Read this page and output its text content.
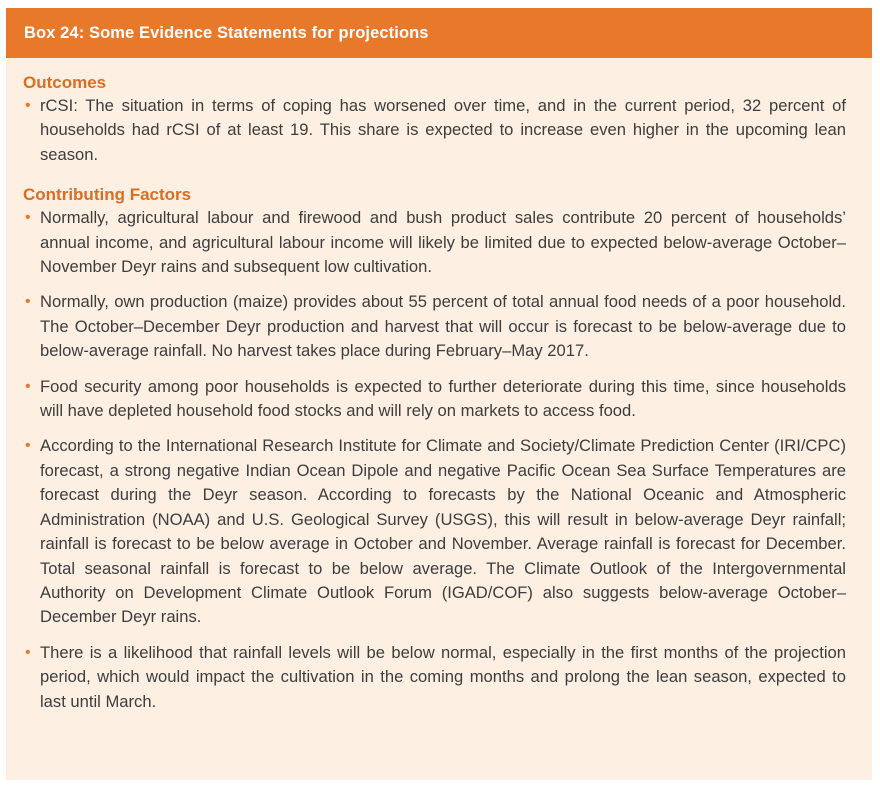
Box 24: Some Evidence Statements for projections
Outcomes
• rCSI: The situation in terms of coping has worsened over time, and in the current period, 32 percent of households had rCSI of at least 19. This share is expected to increase even higher in the upcoming lean season.
Contributing Factors
• Normally, agricultural labour and firewood and bush product sales contribute 20 percent of households’ annual income, and agricultural labour income will likely be limited due to expected below-average October–November Deyr rains and subsequent low cultivation.
• Normally, own production (maize) provides about 55 percent of total annual food needs of a poor household. The October–December Deyr production and harvest that will occur is forecast to be below-average due to below-average rainfall. No harvest takes place during February–May 2017.
• Food security among poor households is expected to further deteriorate during this time, since households will have depleted household food stocks and will rely on markets to access food.
• According to the International Research Institute for Climate and Society/Climate Prediction Center (IRI/CPC) forecast, a strong negative Indian Ocean Dipole and negative Pacific Ocean Sea Surface Temperatures are forecast during the Deyr season. According to forecasts by the National Oceanic and Atmospheric Administration (NOAA) and U.S. Geological Survey (USGS), this will result in below-average Deyr rainfall; rainfall is forecast to be below average in October and November. Average rainfall is forecast for December. Total seasonal rainfall is forecast to be below average. The Climate Outlook of the Intergovernmental Authority on Development Climate Outlook Forum (IGAD/COF) also suggests below-average October–December Deyr rains.
• There is a likelihood that rainfall levels will be below normal, especially in the first months of the projection period, which would impact the cultivation in the coming months and prolong the lean season, expected to last until March.
